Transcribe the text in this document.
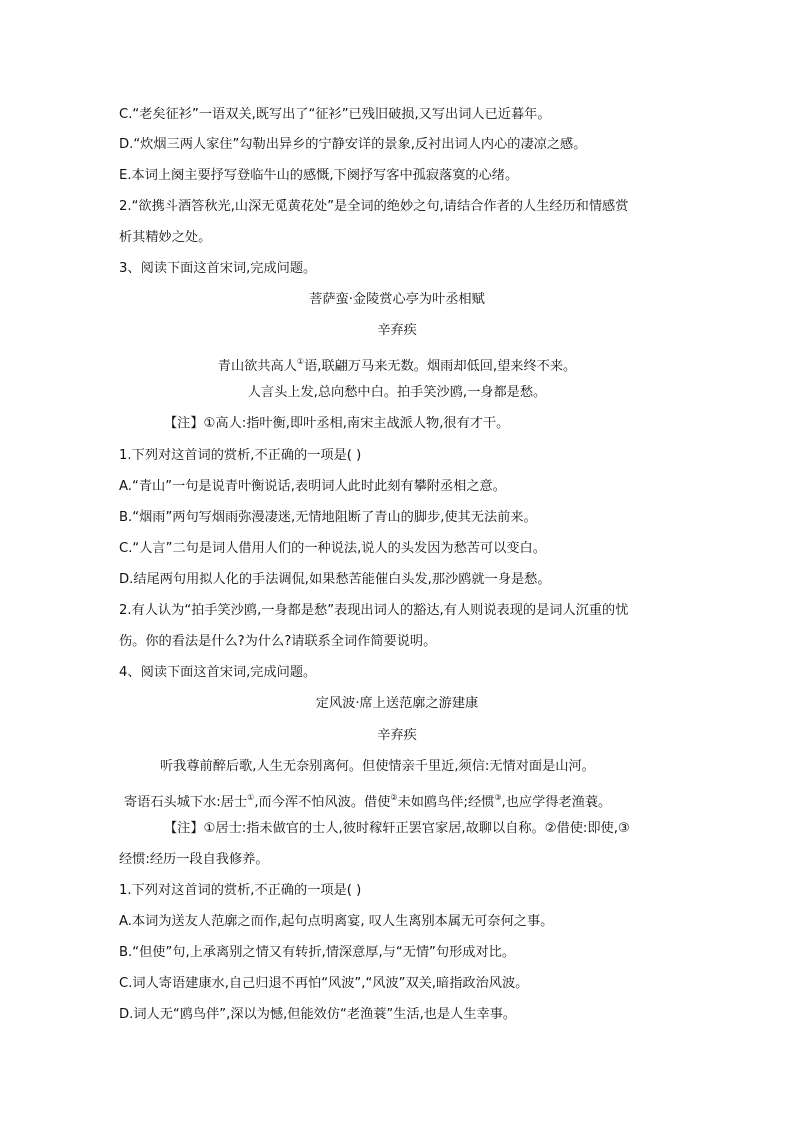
C.“老矣征衫”一语双关,既写出了“征衫”已残旧破损,又写出词人已近暮年。
D.“炊烟三两人家住”勾勒出异乡的宁静安详的景象,反衬出词人内心的凄凉之感。
E.本词上阕主要抒写登临牛山的感慨,下阕抒写客中孤寂落寞的心绪。
2.“欲携斗酒答秋光,山深无觅黄花处”是全词的绝妙之句,请结合作者的人生经历和情感赏
析其精妙之处。
3、阅读下面这首宋词,完成问题。
菩萨蛮·金陵赏心亭为叶丞相赋
辛弃疾
青山欲共高人①语,联翩万马来无数。烟雨却低回,望来终不来。
人言头上发,总向愁中白。拍手笑沙鸥,一身都是愁。
【注】①高人:指叶衡,即叶丞相,南宋主战派人物,很有才干。
1.下列对这首词的赏析,不正确的一项是( )
A.“青山”一句是说青叶衡说话,表明词人此时此刻有攀附丞相之意。
B.“烟雨”两句写烟雨弥漫凄迷,无情地阻断了青山的脚步,使其无法前来。
C.“人言”二句是词人借用人们的一种说法,说人的头发因为愁苦可以变白。
D.结尾两句用拟人化的手法调侃,如果愁苦能催白头发,那沙鸥就一身是愁。
2.有人认为“拍手笑沙鸥,一身都是愁”表现出词人的豁达,有人则说表现的是词人沉重的忧
伤。你的看法是什么?为什么?请联系全词作简要说明。
4、阅读下面这首宋词,完成问题。
定风波·席上送范廓之游建康
辛弃疾
听我尊前醉后歌,人生无奈别离何。但使情亲千里近,须信:无情对面是山河。
寄语石头城下水:居士①,而今浑不怕风波。借使②未如鸥鸟伴;经惯③,也应学得老渔蓑。
【注】①居士:指未做官的士人,彼时稼轩正罢官家居,故聊以自称。②借使:即使,③
经惯:经历一段自我修养。
1.下列对这首词的赏析,不正确的一项是( )
A.本词为送友人范廓之而作,起句点明离宴, 叹人生离别本属无可奈何之事。
B.“但使”句,上承离别之情又有转折,情深意厚,与“无情”句形成对比。
C.词人寄语建康水,自己归退不再怕“风波”,“风波”双关,暗指政治风波。
D.词人无“鸥鸟伴”,深以为憾,但能效仿“老渔蓑”生活,也是人生幸事。
